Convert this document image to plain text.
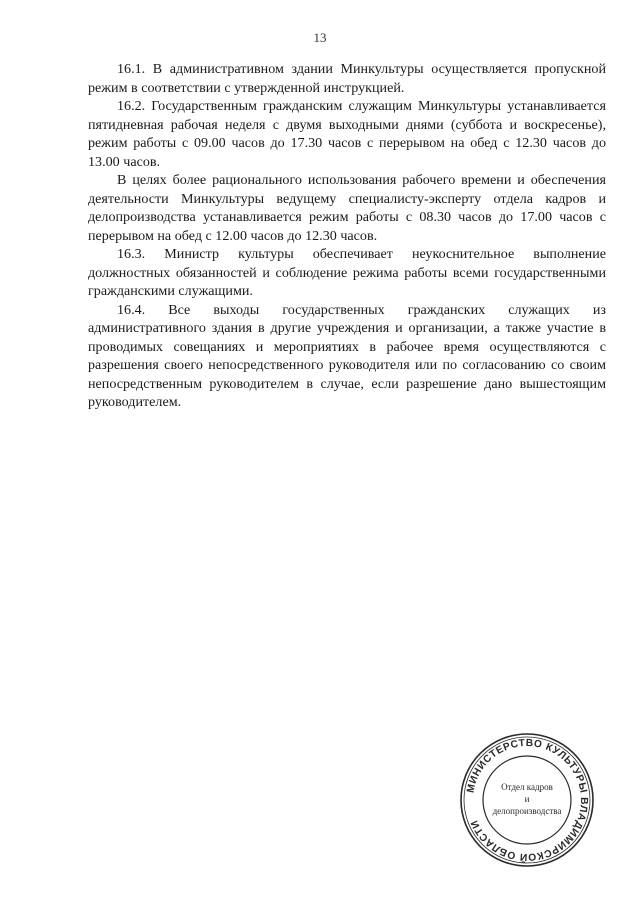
13

16.1. В административном здании Минкультуры осуществляется пропускной режим в соответствии с утвержденной инструкцией.

16.2. Государственным гражданским служащим Минкультуры устанавливается пятидневная рабочая неделя с двумя выходными днями (суббота и воскресенье), режим работы с 09.00 часов до 17.30 часов с перерывом на обед с 12.30 часов до 13.00 часов.

В целях более рационального использования рабочего времени и обеспечения деятельности Минкультуры ведущему специалисту-эксперту отдела кадров и делопроизводства устанавливается режим работы с 08.30 часов до 17.00 часов с перерывом на обед с 12.00 часов до 12.30 часов.

16.3. Министр культуры обеспечивает неукоснительное выполнение должностных обязанностей и соблюдение режима работы всеми государственными гражданскими служащими.

16.4. Все выходы государственных гражданских служащих из административного здания в другие учреждения и организации, а также участие в проводимых совещаниях и мероприятиях в рабочее время осуществляются с разрешения своего непосредственного руководителя или по согласованию со своим непосредственным руководителем в случае, если разрешение дано вышестоящим руководителем.

МИНИСТЕРСТВО КУЛЬТУРЫ ВЛАДИМИРСКОЙ ОБЛАСТИ
Отдел кадров
и
делопроизводства
